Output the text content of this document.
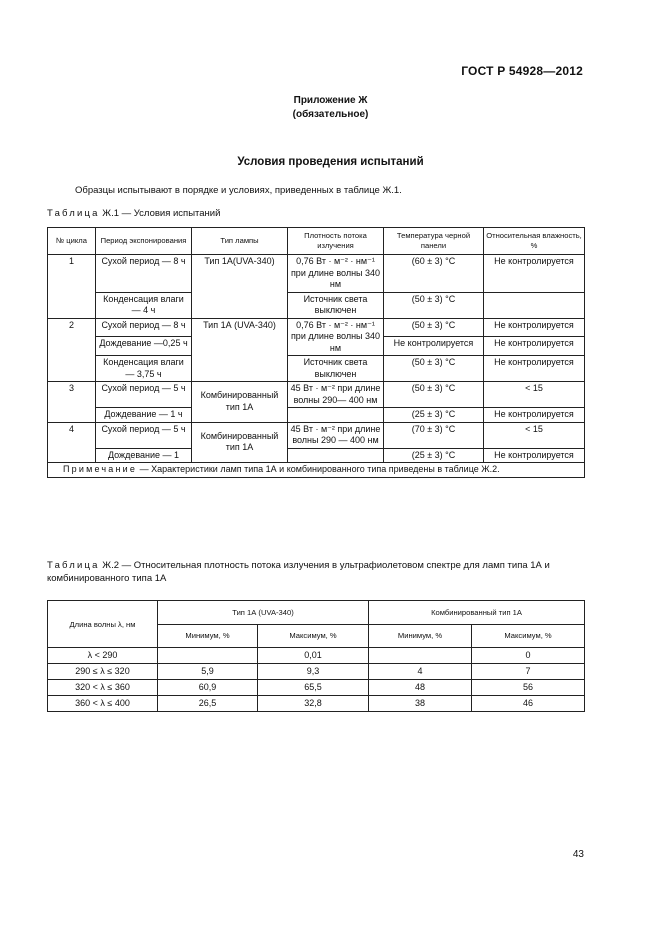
ГОСТ Р 54928—2012
Приложение Ж
(обязательное)
Условия проведения испытаний
Образцы испытывают в порядке и условиях, приведенных в таблице Ж.1.
Таблица Ж.1 — Условия испытаний
№ цикла	Период экспонирования	Тип лампы	Плотность потока излучения	Температура черной панели	Относительная влажность, %
1	Сухой период — 8 ч	Тип 1А(UVA-340)	0,76 Вт · м⁻² · нм⁻¹ при длине волны 340 нм	(60 ± 3) °С	Не контролируется
	Конденсация влаги — 4 ч		Источник света выключен	(50 ± 3) °С	
2	Сухой период — 8 ч	Тип 1А (UVA-340)	0,76 Вт · м⁻² · нм⁻¹ при длине волны 340 нм	(50 ± 3) °С	Не контролируется
	Дождевание —0,25 ч			Не контролируется	Не контролируется
	Конденсация влаги — 3,75 ч		Источник света выключен	(50 ± 3) °С	Не контролируется
3	Сухой период — 5 ч	Комбинированный тип 1А	45 Вт · м⁻² при длине волны 290— 400 нм	(50 ± 3) °С	< 15
	Дождевание — 1 ч			(25 ± 3) °С	Не контролируется
4	Сухой период — 5 ч	Комбинированный тип 1А	45 Вт · м⁻² при длине волны 290 — 400 нм	(70 ± 3) °С	< 15
	Дождевание — 1			(25 ± 3) °С	Не контролируется
Примечание — Характеристики ламп типа 1А и комбинированного типа приведены в таблице Ж.2.					
Таблица Ж.2 — Относительная плотность потока излучения в ультрафиолетовом спектре для ламп типа 1А и комбинированного типа 1А
Длина волны λ, нм	Тип 1А (UVA-340)		Комбинированный тип 1А	
	Минимум, %	Максимум, %	Минимум, %	Максимум, %
λ < 290		0,01		0
290 ≤ λ ≤ 320	5,9	9,3	4	7
320 < λ ≤ 360	60,9	65,5	48	56
360 < λ ≤ 400	26,5	32,8	38	46
43
